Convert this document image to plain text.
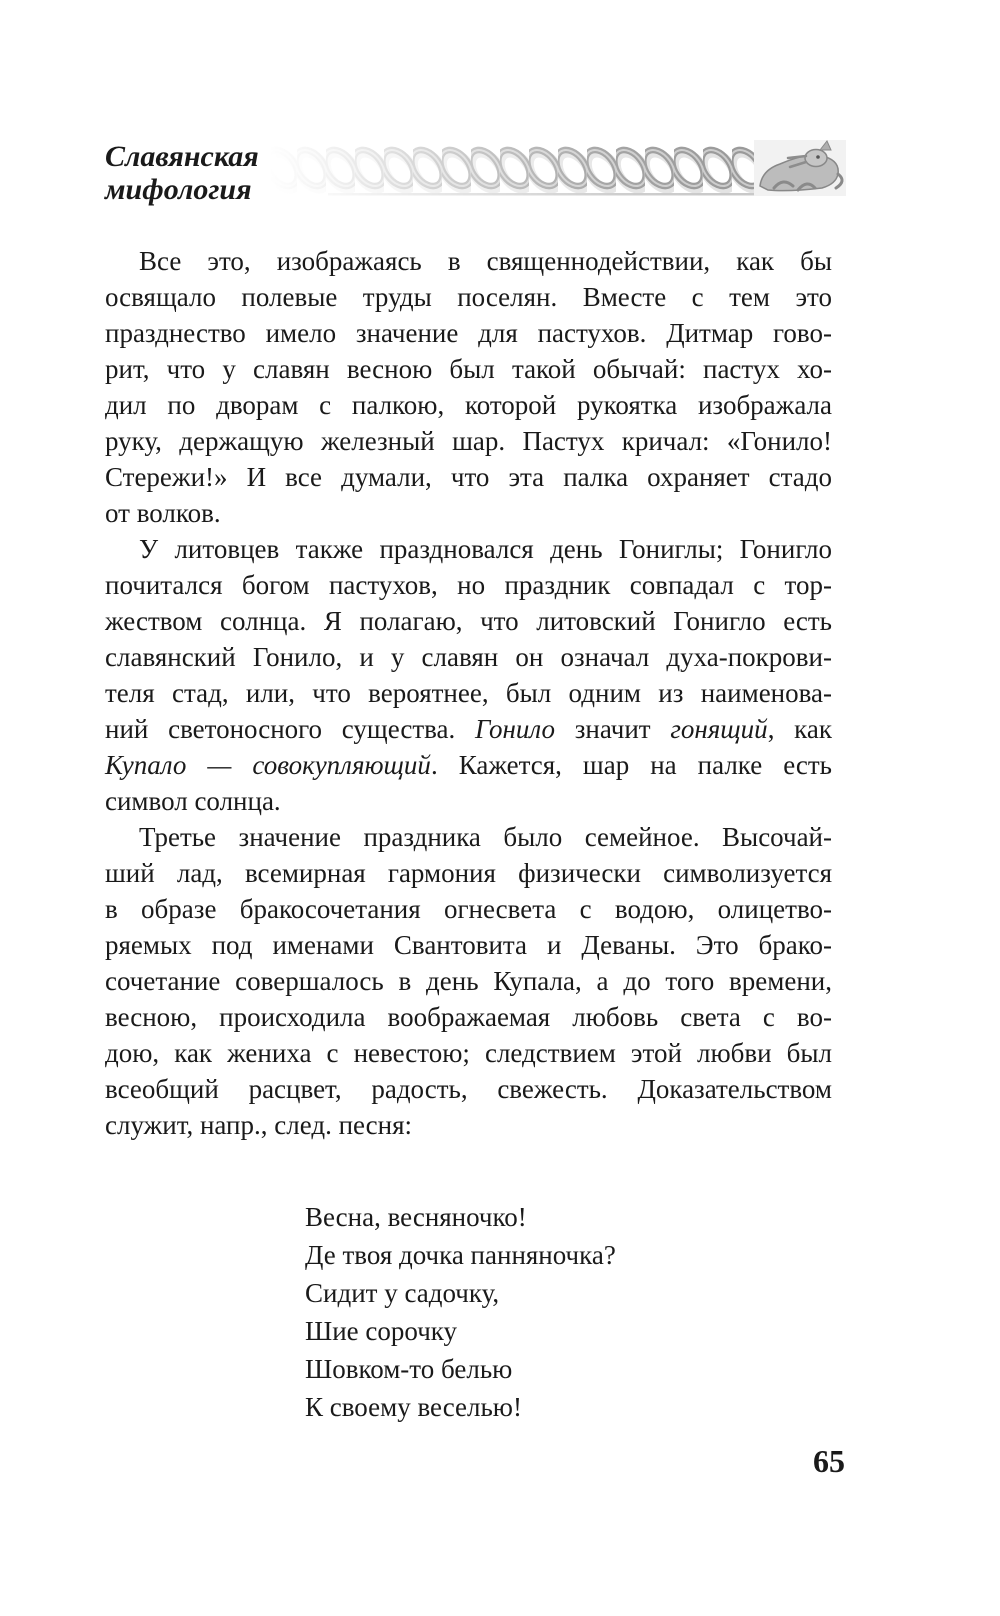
Славянская
мифология
Все это, изображаясь в священнодействии, как бы
освящало полевые труды поселян. Вместе с тем это
празднество имело значение для пастухов. Дитмар гово-
рит, что у славян весною был такой обычай: пастух хо-
дил по дворам с палкою, которой рукоятка изображала
руку, держащую железный шар. Пастух кричал: «Гонило!
Стережи!» И все думали, что эта палка охраняет стадо
от волков.
У литовцев также праздновался день Гониглы; Гонигло
почитался богом пастухов, но праздник совпадал с тор-
жеством солнца. Я полагаю, что литовский Гонигло есть
славянский Гонило, и у славян он означал духа-покрови-
теля стад, или, что вероятнее, был одним из наименова-
ний светоносного существа. Гонило значит гонящий, как
Купало — совокупляющий. Кажется, шар на палке есть
символ солнца.
Третье значение праздника было семейное. Высочай-
ший лад, всемирная гармония физически символизуется
в образе бракосочетания огнесвета с водою, олицетво-
ряемых под именами Свантовита и Деваны. Это брако-
сочетание совершалось в день Купала, а до того времени,
весною, происходила воображаемая любовь света с во-
дою, как жениха с невестою; следствием этой любви был
всеобщий расцвет, радость, свежесть. Доказательством
служит, напр., след. песня:
Весна, весняночко!
Де твоя дочка панняночка?
Сидит у садочку,
Шие сорочку
Шовком-то белью
К своему веселью!
65
